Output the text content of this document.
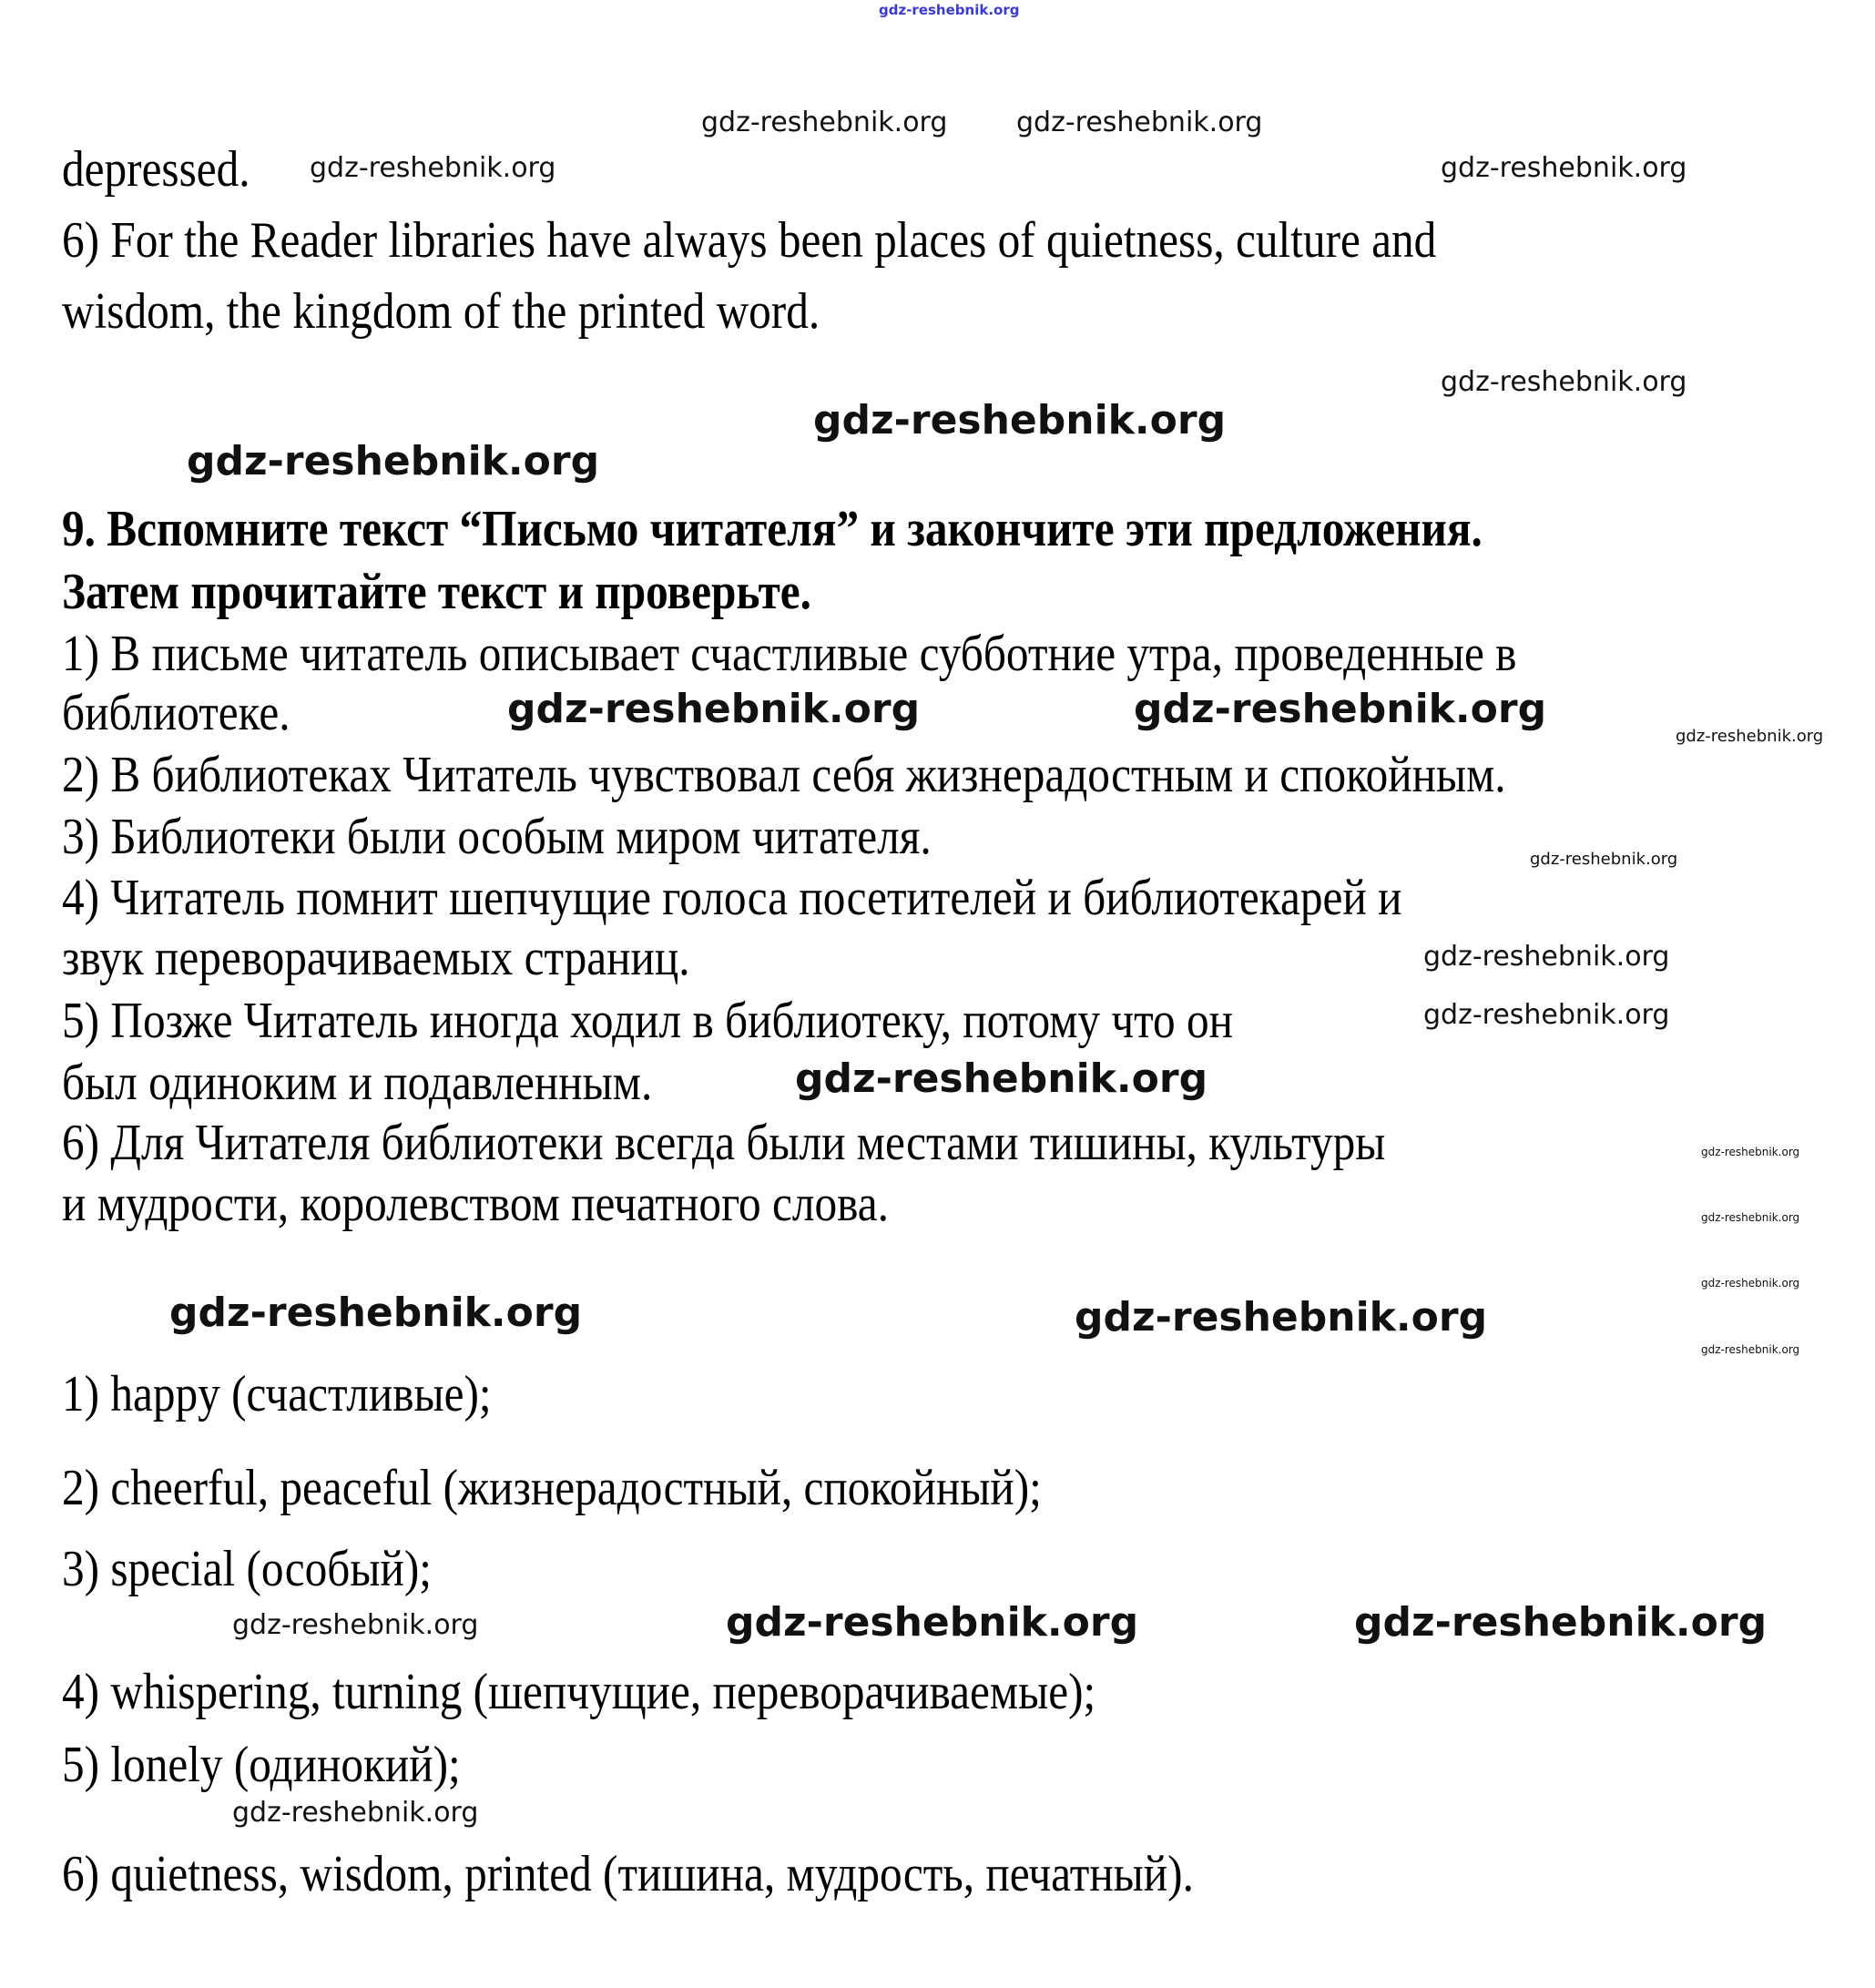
gdz-reshebnik.org
gdz-reshebnik.org	gdz-reshebnik.org
gdz-reshebnik.org	gdz-reshebnik.org
gdz-reshebnik.org
gdz-reshebnik.org
gdz-reshebnik.org
gdz-reshebnik.org
gdz-reshebnik.org
gdz-reshebnik.org
gdz-reshebnik.org
gdz-reshebnik.org
gdz-reshebnik.org
gdz-reshebnik.org
gdz-reshebnik.org
gdz-reshebnik.org
gdz-reshebnik.org
gdz-reshebnik.org
gdz-reshebnik.org	gdz-reshebnik.org
gdz-reshebnik.org	gdz-reshebnik.org	gdz-reshebnik.org
gdz-reshebnik.org
depressed.
6) For the Reader libraries have always been places of quietness, culture and
wisdom, the kingdom of the printed word.
9. Вспомните текст “Письмо читателя” и закончите эти предложения.
Затем прочитайте текст и проверьте.
1) В письме читатель описывает счастливые субботние утра, проведенные в
библиотеке.
2) В библиотеках Читатель чувствовал себя жизнерадостным и спокойным.
3) Библиотеки были особым миром читателя.
4) Читатель помнит шепчущие голоса посетителей и библиотекарей и
звук переворачиваемых страниц.
5) Позже Читатель иногда ходил в библиотеку, потому что он
был одиноким и подавленным.
6) Для Читателя библиотеки всегда были местами тишины, культуры
и мудрости, королевством печатного слова.
1) happy (счастливые);
2) cheerful, peaceful (жизнерадостный, спокойный);
3) special (особый);
4) whispering, turning (шепчущие, переворачиваемые);
5) lonely (одинокий);
6) quietness, wisdom, printed (тишина, мудрость, печатный).
